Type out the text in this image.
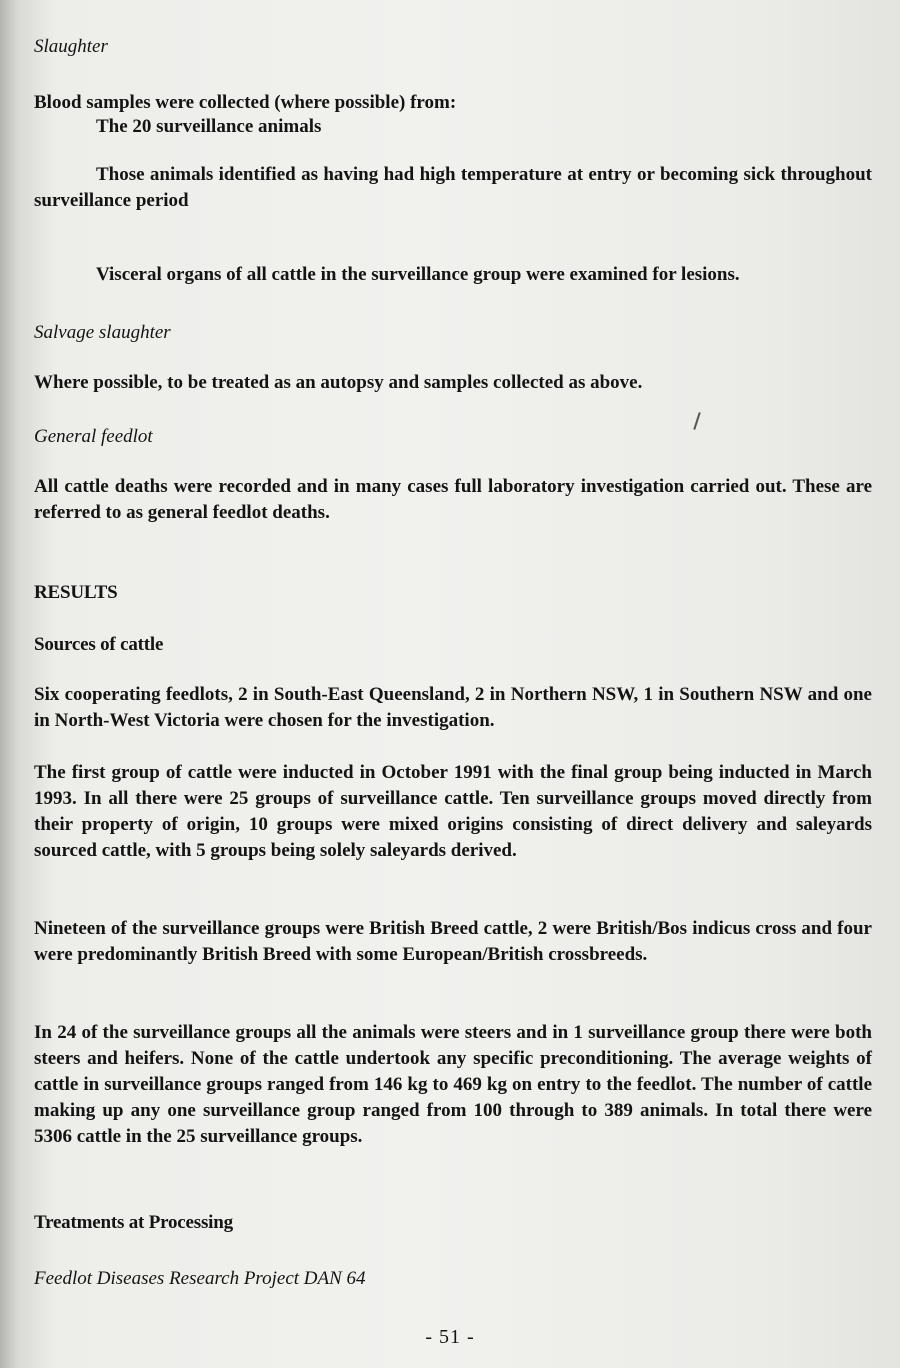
Slaughter
Blood samples were collected (where possible) from:
The 20 surveillance animals
Those animals identified as having had high temperature at entry or becoming sick throughout surveillance period
Visceral organs of all cattle in the surveillance group were examined for lesions.
Salvage slaughter
Where possible, to be treated as an autopsy and samples collected as above.
General feedlot
All cattle deaths were recorded and in many cases full laboratory investigation carried out. These are referred to as general feedlot deaths.
RESULTS
Sources of cattle
Six cooperating feedlots, 2 in South-East Queensland, 2 in Northern NSW, 1 in Southern NSW and one in North-West Victoria were chosen for the investigation.
The first group of cattle were inducted in October 1991 with the final group being inducted in March 1993. In all there were 25 groups of surveillance cattle. Ten surveillance groups moved directly from their property of origin, 10 groups were mixed origins consisting of direct delivery and saleyards sourced cattle, with 5 groups being solely saleyards derived.
Nineteen of the surveillance groups were British Breed cattle, 2 were British/Bos indicus cross and four were predominantly British Breed with some European/British crossbreeds.
In 24 of the surveillance groups all the animals were steers and in 1 surveillance group there were both steers and heifers. None of the cattle undertook any specific preconditioning. The average weights of cattle in surveillance groups ranged from 146 kg to 469 kg on entry to the feedlot. The number of cattle making up any one surveillance group ranged from 100 through to 389 animals. In total there were 5306 cattle in the 25 surveillance groups.
Treatments at Processing
Feedlot Diseases Research Project DAN 64
- 51 -
